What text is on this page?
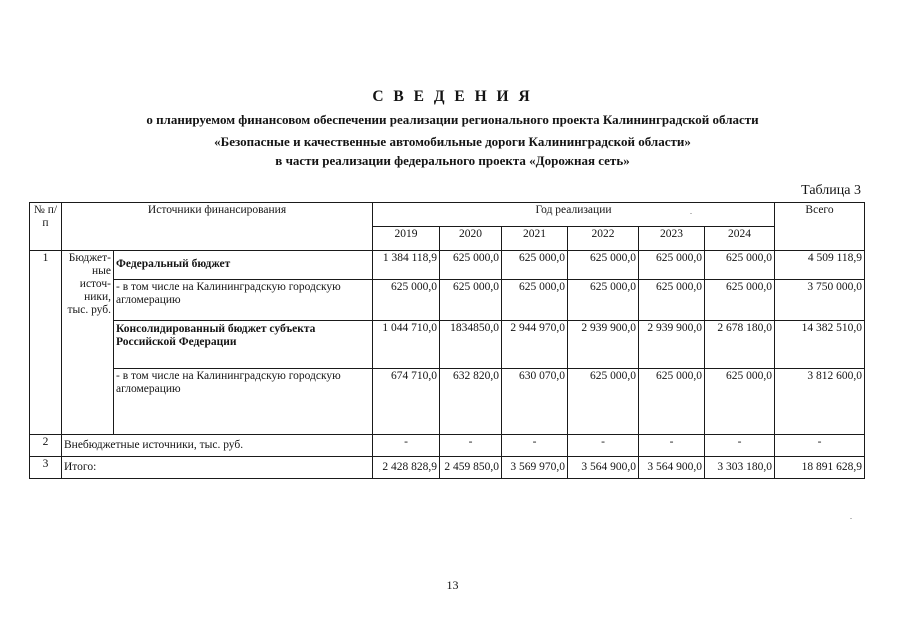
С В Е Д Е Н И Я
о планируемом финансовом обеспечении реализации регионального проекта Калининградской области
«Безопасные и качественные автомобильные дороги Калининградской области»
в части реализации федерального проекта «Дорожная сеть»
Таблица 3
№ п/п	Источники финансирования		Год реализации						Всего
			2019	2020	2021	2022	2023	2024	
1	Бюджет-ные источ-ники, тыс. руб.	Федеральный бюджет	1 384 118,9	625 000,0	625 000,0	625 000,0	625 000,0	625 000,0	4 509 118,9
		- в том числе на Калининградскую городскую агломерацию	625 000,0	625 000,0	625 000,0	625 000,0	625 000,0	625 000,0	3 750 000,0
		Консолидированный бюджет субъекта Российской Федерации	1 044 710,0	1834850,0	2 944 970,0	2 939 900,0	2 939 900,0	2 678 180,0	14 382 510,0
		- в том числе на Калининградскую городскую агломерацию	674 710,0	632 820,0	630 070,0	625 000,0	625 000,0	625 000,0	3 812 600,0
2	Внебюджетные источники, тыс. руб.		-	-	-	-	-	-	-
3	Итого:		2 428 828,9	2 459 850,0	3 569 970,0	3 564 900,0	3 564 900,0	3 303 180,0	18 891 628,9
13
